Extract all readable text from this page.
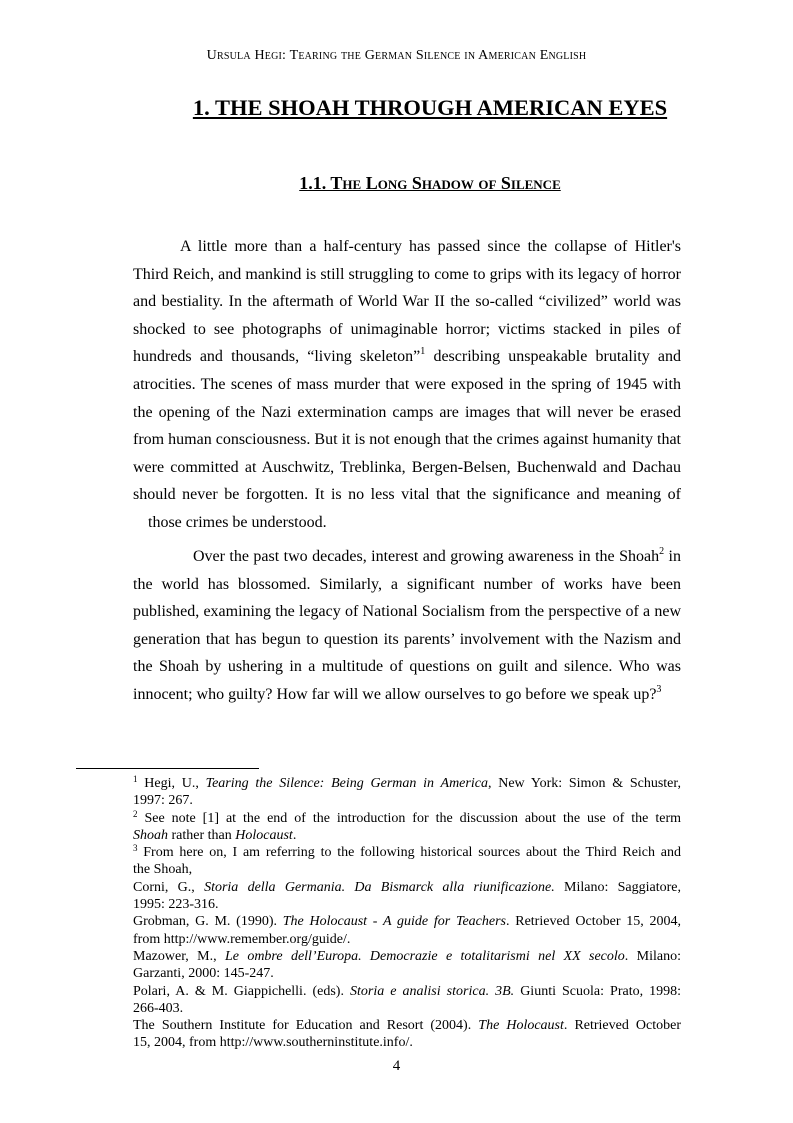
Ursula Hegi: Tearing the German Silence in American English
1. THE SHOAH THROUGH AMERICAN EYES
1.1. The Long Shadow of Silence
A little more than a half-century has passed since the collapse of Hitler's
Third Reich, and mankind is still struggling to come to grips with its legacy of horror
and bestiality. In the aftermath of World War II the so-called “civilized” world was
shocked to see photographs of unimaginable horror; victims stacked in piles of
hundreds and thousands, “living skeleton”$^1$ describing unspeakable brutality and
atrocities. The scenes of mass murder that were exposed in the spring of 1945 with
the opening of the Nazi extermination camps are images that will never be erased
from human consciousness. But it is not enough that the crimes against humanity that
were committed at Auschwitz, Treblinka, Bergen-Belsen, Buchenwald and Dachau
should never be forgotten. It is no less vital that the significance and meaning of
those crimes be understood.
Over the past two decades, interest and growing awareness in the Shoah$^2$ in
the world has blossomed. Similarly, a significant number of works have been
published, examining the legacy of National Socialism from the perspective of a new
generation that has begun to question its parents’ involvement with the Nazism and
the Shoah by ushering in a multitude of questions on guilt and silence. Who was
innocent; who guilty? How far will we allow ourselves to go before we speak up?$^3$
$^1$ Hegi, U., Tearing the Silence: Being German in America, New York: Simon & Schuster,
1997: 267.
$^2$ See note [1] at the end of the introduction for the discussion about the use of the term
Shoah rather than Holocaust.
$^3$ From here on, I am referring to the following historical sources about the Third Reich and
the Shoah,
Corni, G., Storia della Germania. Da Bismarck alla riunificazione. Milano: Saggiatore,
1995: 223-316.
Grobman, G. M. (1990). The Holocaust - A guide for Teachers. Retrieved October 15, 2004,
from http://www.remember.org/guide/.
Mazower, M., Le ombre dell’Europa. Democrazie e totalitarismi nel XX secolo. Milano:
Garzanti, 2000: 145-247.
Polari, A. & M. Giappichelli. (eds). Storia e analisi storica. 3B. Giunti Scuola: Prato, 1998:
266-403.
The Southern Institute for Education and Resort (2004). The Holocaust. Retrieved October
15, 2004, from http://www.southerninstitute.info/.
4
